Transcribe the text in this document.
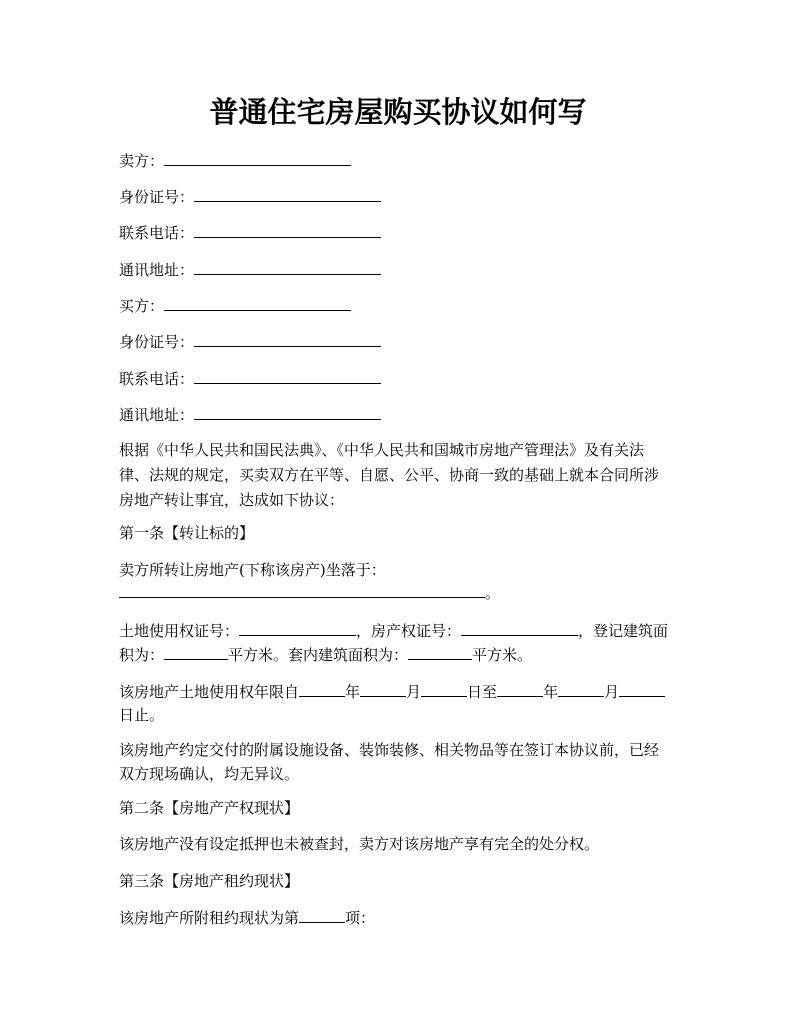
普通住宅房屋购买协议如何写
卖方：
身份证号：
联系电话：
通讯地址：
买方：
身份证号：
联系电话：
通讯地址：
根据《中华人民共和国民法典》、《中华人民共和国城市房地产管理法》及有关法
律、法规的规定，买卖双方在平等、自愿、公平、协商一致的基础上就本合同所涉
房地产转让事宜，达成如下协议：
第一条【转让标的】
卖方所转让房地产(下称该房产)坐落于：
。
土地使用权证号：	，房产权证号：	，登记建筑面
积为：	平方米。套内建筑面积为：	平方米。
该房地产土地使用权年限自	年	月	日至	年	月
日止。
该房地产约定交付的附属设施设备、装饰装修、相关物品等在签订本协议前，已经
双方现场确认，均无异议。
第二条【房地产产权现状】
该房地产没有设定抵押也未被查封，卖方对该房地产享有完全的处分权。
第三条【房地产租约现状】
该房地产所附租约现状为第	项：
